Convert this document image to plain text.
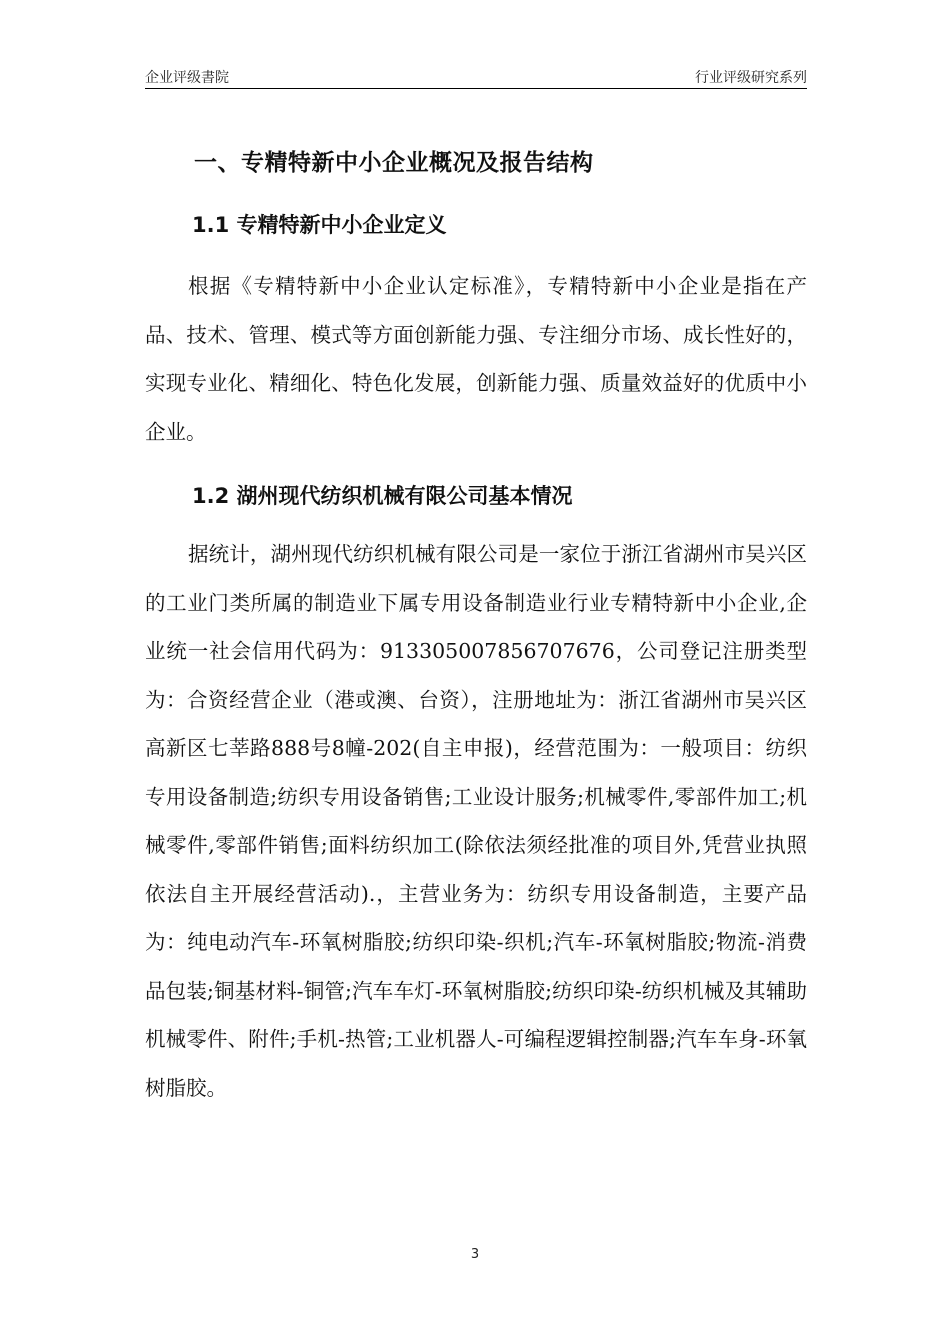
企业评级書院	行业评级研究系列
一、专精特新中小企业概况及报告结构
1.1 专精特新中小企业定义

根据《专精特新中小企业认定标准》，专精特新中小企业是指在产品、技术、管理、模式等方面创新能力强、专注细分市场、成长性好的，实现专业化、精细化、特色化发展，创新能力强、质量效益好的优质中小企业。

1.2 湖州现代纺织机械有限公司基本情况

据统计，湖州现代纺织机械有限公司是一家位于浙江省湖州市吴兴区的工业门类所属的制造业下属专用设备制造业行业专精特新中小企业,企业统一社会信用代码为：913305007856707676，公司登记注册类型为：合资经营企业（港或澳、台资），注册地址为：浙江省湖州市吴兴区高新区七莘路888号8幢-202(自主申报)，经营范围为：一般项目：纺织专用设备制造;纺织专用设备销售;工业设计服务;机械零件,零部件加工;机械零件,零部件销售;面料纺织加工(除依法须经批准的项目外,凭营业执照依法自主开展经营活动).，主营业务为：纺织专用设备制造，主要产品为：纯电动汽车-环氧树脂胶;纺织印染-织机;汽车-环氧树脂胶;物流-消费品包装;铜基材料-铜管;汽车车灯-环氧树脂胶;纺织印染-纺织机械及其辅助机械零件、附件;手机-热管;工业机器人-可编程逻辑控制器;汽车车身-环氧树脂胶。

3
